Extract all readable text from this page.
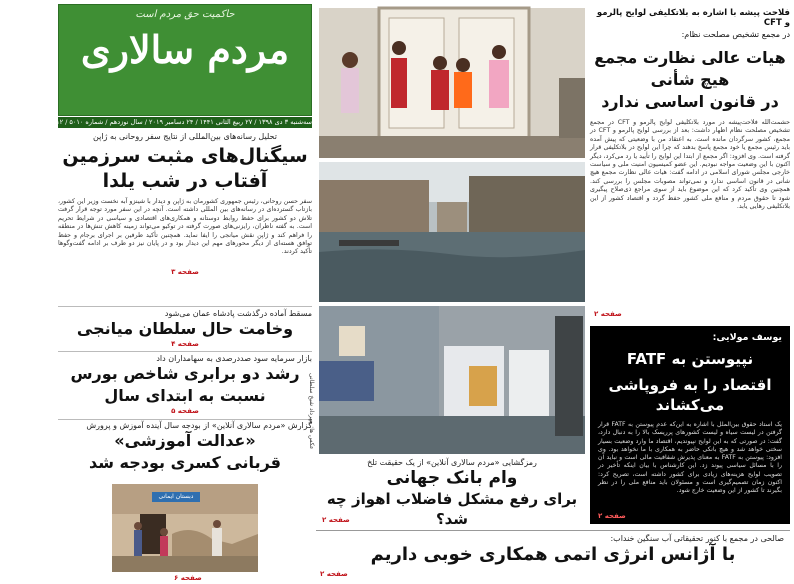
حاکمیت حق مردم است
مردم سالاری
سه‌شنبه ۳ دی ۱۳۹۸ / ۲۷ ربیع الثانی ۱۴۴۱ / ۲۴ دسامبر ۲۰۱۹ / سال نوزدهم / شماره ۵۰۱۰ / ۱۲ صفحه / ۲۰۰۰ تومان
تحلیل رسانه‌های بین‌المللی از نتایج سفر روحانی به ژاپن
سیگنال‌های مثبت سرزمین
آفتاب در شب یلدا
سفر حسن روحانی، رئیس جمهوری کشورمان به ژاپن و دیدار با شینزو آبه نخست وزیر این کشور، بازتاب گسترده‌ای در رسانه‌های بین المللی داشته است. آنچه در این سفر مورد توجه قرار گرفت تلاش دو کشور برای حفظ روابط دوستانه و همکاری‌های اقتصادی و سیاسی در شرایط تحریم است. به گفته ناظران، رایزنی‌های صورت گرفته در توکیو می‌تواند زمینه کاهش تنش‌ها در منطقه را فراهم کند و ژاپن نقش میانجی را ایفا نماید. همچنین تأکید طرفین بر اجرای برجام و حفظ توافق هسته‌ای از دیگر محورهای مهم این دیدار بود و در پایان نیز دو طرف بر ادامه گفت‌وگوها تأکید کردند.
صفحه ۳
مسقط آماده درگذشت پادشاه عمان می‌شود
وخامت حال سلطان میانجی
صفحه ۴
بازار سرمایه سود صددرصدی به سهامداران داد
رشد دو برابری شاخص بورس
نسبت به ابتدای سال
صفحه ۵
گزارش «مردم سالاری آنلاین» از بودجه سال آینده آموزش و پرورش
«عدالت آموزشی»
قربانی کسری بودجه شد
دبستان ایمانی
صفحه ۶
عکس ها: مهرداد شیخ سلطانی
رمزگشایی «مردم سالاری آنلاین» از یک حقیقت تلخ
وام بانک جهانی
برای رفع مشکل فاضلاب اهواز چه شد؟
صفحه ۲
فلاحت پیشه با اشاره به بلاتکلیفی لوایح پالرمو و CFT
در مجمع تشخیص مصلحت نظام:
هیات عالی نظارت مجمع
هیچ شأنی
در قانون اساسی ندارد
حشمت‌الله فلاحت‌پیشه در مورد بلاتکلیفی لوایح پالرمو و CFT در مجمع تشخیص مصلحت نظام اظهار داشت: بعد از بررسی لوایح پالرمو و CFT در مجمع، کشور سرگردان مانده است. به اعتقاد من با وضعیتی که پیش آمده باید رئیس مجمع یا خود مجمع پاسخ بدهند که چرا این لوایح در بلاتکلیفی قرار گرفته است. وی افزود: اگر مجمع از ابتدا این لوایح را تأیید یا رد می‌کرد، دیگر اکنون با این وضعیت مواجه نبودیم. این عضو کمیسیون امنیت ملی و سیاست خارجی مجلس شورای اسلامی در ادامه گفت: هیات عالی نظارت مجمع هیچ شأنی در قانون اساسی ندارد و نمی‌تواند مصوبات مجلس را بررسی کند. همچنین وی تأکید کرد که این موضوع باید از سوی مراجع ذی‌صلاح پیگیری شود تا حقوق مردم و منافع ملی کشور حفظ گردد و اقتصاد کشور از این بلاتکلیفی رهایی یابد.
صفحه ۲
یوسف مولایی:
نپیوستن به FATF
اقتصاد را به فروپاشی می‌کشاند
یک استاد حقوق بین‌الملل با اشاره به این‌که عدم پیوستن به FATF قرار گرفتن در لیست سیاه و لیست کشورهای پرریسک بالا را به دنبال دارد، گفت: در صورتی که به این لوایح نپیوندیم، اقتصاد ما وارد وضعیت بسیار سختی خواهد شد و هیچ بانکی حاضر به همکاری با ما نخواهد بود. وی افزود: پیوستن به FATF به معنای پذیرش شفافیت مالی است و نباید آن را با مسائل سیاسی پیوند زد. این کارشناس با بیان اینکه تأخیر در تصویب لوایح هزینه‌های زیادی برای کشور داشته است، تصریح کرد: اکنون زمان تصمیم‌گیری است و مسئولان باید منافع ملی را در نظر بگیرند تا کشور از این وضعیت خارج شود.
صفحه ۲
صالحی در مجمع با کنور تحقیقاتی آب سنگین خنداب:
با آژانس انرژی اتمی همکاری خوبی داریم
صفحه ۲
